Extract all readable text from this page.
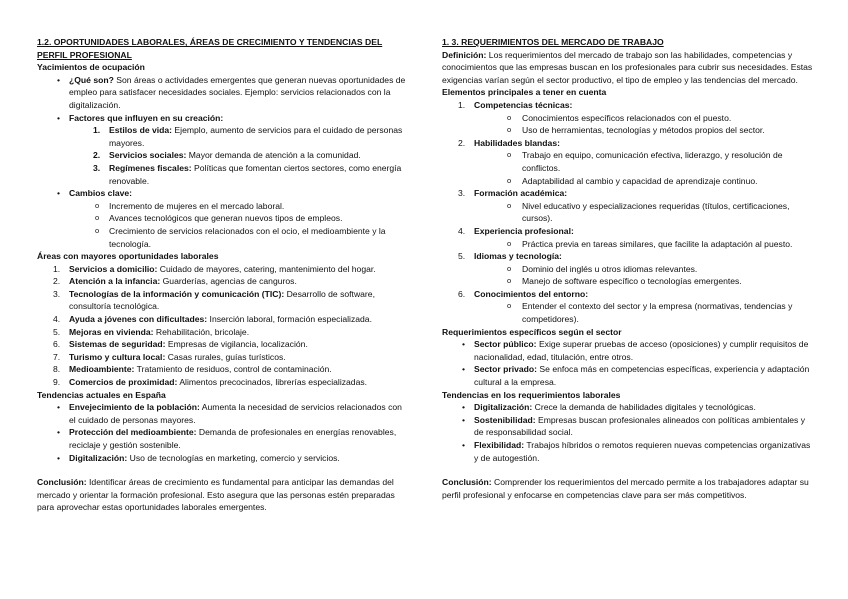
1.2. OPORTUNIDADES LABORALES, ÁREAS DE CRECIMIENTO Y TENDENCIAS DEL PERFIL PROFESIONAL
Yacimientos de ocupación
• ¿Qué son? Son áreas o actividades emergentes que generan nuevas oportunidades de empleo para satisfacer necesidades sociales. Ejemplo: servicios relacionados con la digitalización.
• Factores que influyen en su creación:
1. Estilos de vida: Ejemplo, aumento de servicios para el cuidado de personas mayores.
2. Servicios sociales: Mayor demanda de atención a la comunidad.
3. Regímenes fiscales: Políticas que fomentan ciertos sectores, como energía renovable.
• Cambios clave:
o Incremento de mujeres en el mercado laboral.
o Avances tecnológicos que generan nuevos tipos de empleos.
o Crecimiento de servicios relacionados con el ocio, el medioambiente y la tecnología.
Áreas con mayores oportunidades laborales
1. Servicios a domicilio: Cuidado de mayores, catering, mantenimiento del hogar.
2. Atención a la infancia: Guarderías, agencias de canguros.
3. Tecnologías de la información y comunicación (TIC): Desarrollo de software, consultoría tecnológica.
4. Ayuda a jóvenes con dificultades: Inserción laboral, formación especializada.
5. Mejoras en vivienda: Rehabilitación, bricolaje.
6. Sistemas de seguridad: Empresas de vigilancia, localización.
7. Turismo y cultura local: Casas rurales, guías turísticos.
8. Medioambiente: Tratamiento de residuos, control de contaminación.
9. Comercios de proximidad: Alimentos precocinados, librerías especializadas.
Tendencias actuales en España
• Envejecimiento de la población: Aumenta la necesidad de servicios relacionados con el cuidado de personas mayores.
• Protección del medioambiente: Demanda de profesionales en energías renovables, reciclaje y gestión sostenible.
• Digitalización: Uso de tecnologías en marketing, comercio y servicios.
Conclusión: Identificar áreas de crecimiento es fundamental para anticipar las demandas del mercado y orientar la formación profesional. Esto asegura que las personas estén preparadas para aprovechar estas oportunidades laborales emergentes.
1. 3. REQUERIMIENTOS DEL MERCADO DE TRABAJO
Definición: Los requerimientos del mercado de trabajo son las habilidades, competencias y conocimientos que las empresas buscan en los profesionales para cubrir sus necesidades. Estas exigencias varían según el sector productivo, el tipo de empleo y las tendencias del mercado.
Elementos principales a tener en cuenta
1. Competencias técnicas:
o Conocimientos específicos relacionados con el puesto.
o Uso de herramientas, tecnologías y métodos propios del sector.
2. Habilidades blandas:
o Trabajo en equipo, comunicación efectiva, liderazgo, y resolución de conflictos.
o Adaptabilidad al cambio y capacidad de aprendizaje continuo.
3. Formación académica:
o Nivel educativo y especializaciones requeridas (títulos, certificaciones, cursos).
4. Experiencia profesional:
o Práctica previa en tareas similares, que facilite la adaptación al puesto.
5. Idiomas y tecnología:
o Dominio del inglés u otros idiomas relevantes.
o Manejo de software específico o tecnologías emergentes.
6. Conocimientos del entorno:
o Entender el contexto del sector y la empresa (normativas, tendencias y competidores).
Requerimientos específicos según el sector
• Sector público: Exige superar pruebas de acceso (oposiciones) y cumplir requisitos de nacionalidad, edad, titulación, entre otros.
• Sector privado: Se enfoca más en competencias específicas, experiencia y adaptación cultural a la empresa.
Tendencias en los requerimientos laborales
• Digitalización: Crece la demanda de habilidades digitales y tecnológicas.
• Sostenibilidad: Empresas buscan profesionales alineados con políticas ambientales y de responsabilidad social.
• Flexibilidad: Trabajos híbridos o remotos requieren nuevas competencias organizativas y de autogestión.
Conclusión: Comprender los requerimientos del mercado permite a los trabajadores adaptar su perfil profesional y enfocarse en competencias clave para ser más competitivos.
